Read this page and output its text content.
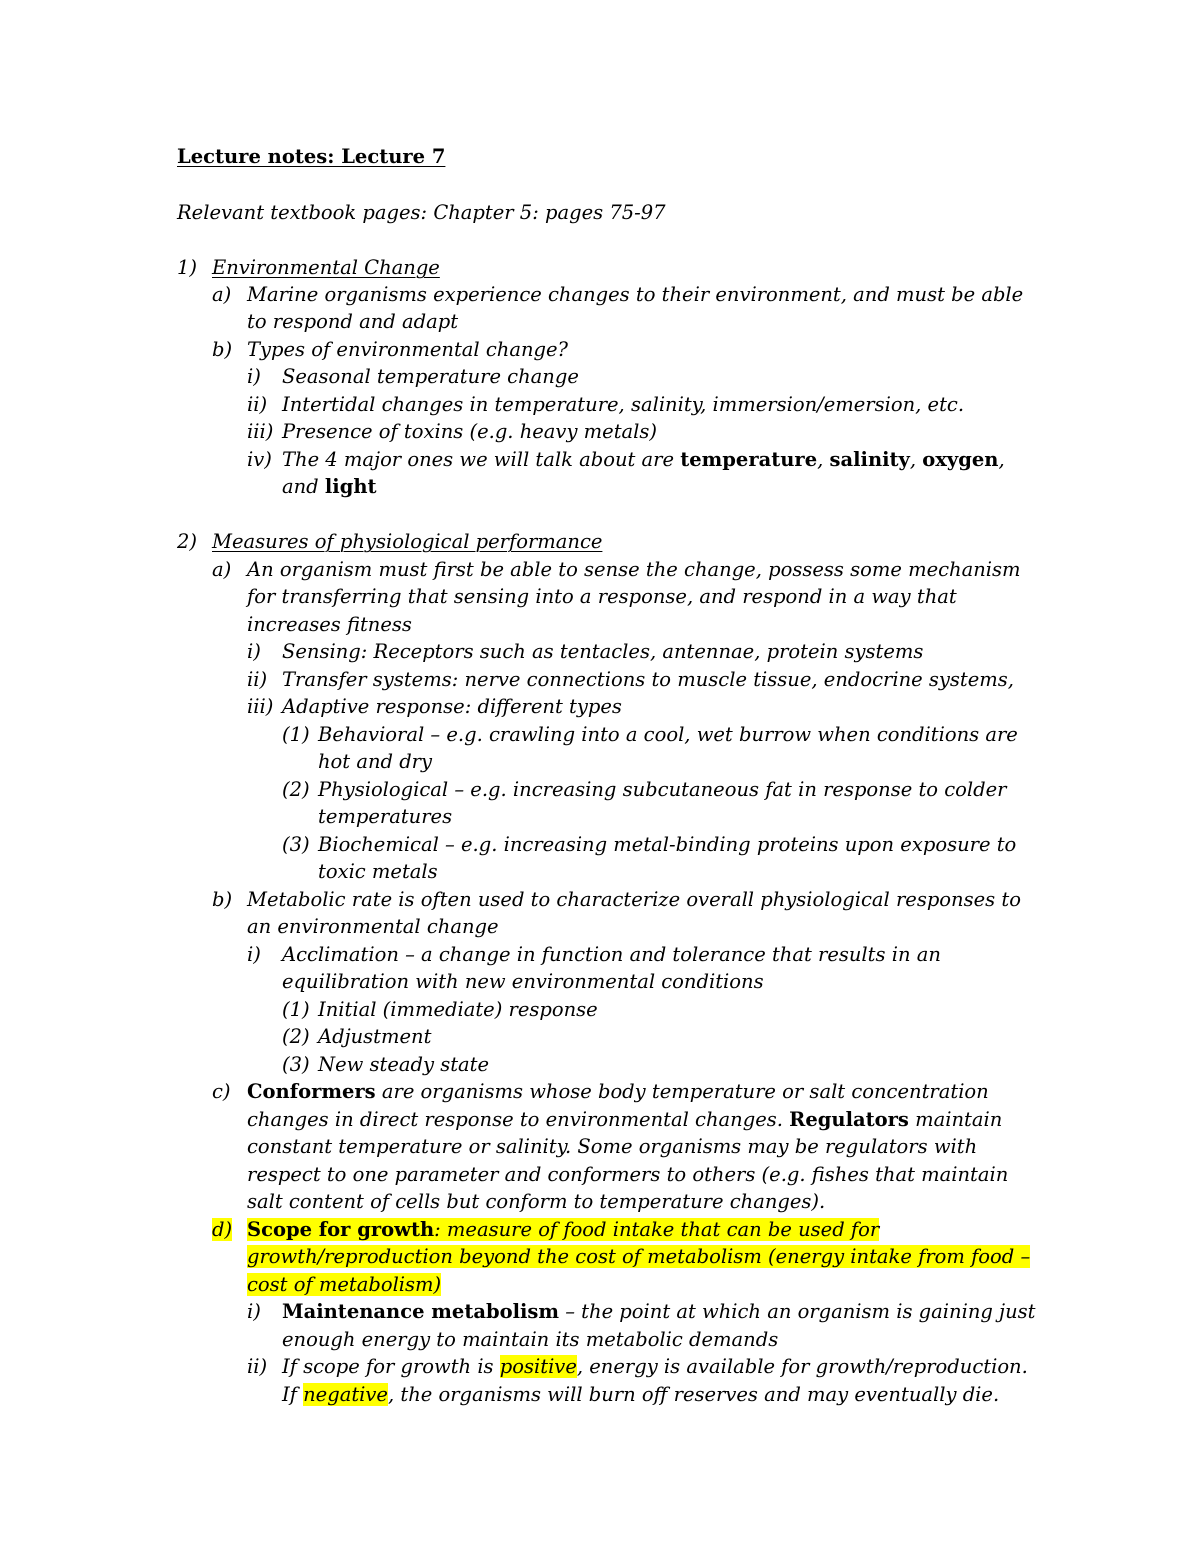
Lecture notes: Lecture 7
Relevant textbook pages: Chapter 5: pages 75-97
1) Environmental Change
a) Marine organisms experience changes to their environment, and must be able
to respond and adapt
b) Types of environmental change?
i) Seasonal temperature change
ii) Intertidal changes in temperature, salinity, immersion/emersion, etc.
iii) Presence of toxins (e.g. heavy metals)
iv) The 4 major ones we will talk about are temperature, salinity, oxygen,
and light
2) Measures of physiological performance
a) An organism must first be able to sense the change, possess some mechanism
for transferring that sensing into a response, and respond in a way that
increases fitness
i) Sensing: Receptors such as tentacles, antennae, protein systems
ii) Transfer systems: nerve connections to muscle tissue, endocrine systems,
iii) Adaptive response: different types
(1) Behavioral – e.g. crawling into a cool, wet burrow when conditions are
hot and dry
(2) Physiological – e.g. increasing subcutaneous fat in response to colder
temperatures
(3) Biochemical – e.g. increasing metal-binding proteins upon exposure to
toxic metals
b) Metabolic rate is often used to characterize overall physiological responses to
an environmental change
i) Acclimation – a change in function and tolerance that results in an
equilibration with new environmental conditions
(1) Initial (immediate) response
(2) Adjustment
(3) New steady state
c) Conformers are organisms whose body temperature or salt concentration
changes in direct response to environmental changes. Regulators maintain
constant temperature or salinity. Some organisms may be regulators with
respect to one parameter and conformers to others (e.g. fishes that maintain
salt content of cells but conform to temperature changes).
d) Scope for growth: measure of food intake that can be used for
growth/reproduction beyond the cost of metabolism (energy intake from food –
cost of metabolism)
i) Maintenance metabolism – the point at which an organism is gaining just
enough energy to maintain its metabolic demands
ii) If scope for growth is positive, energy is available for growth/reproduction.
If negative, the organisms will burn off reserves and may eventually die.
